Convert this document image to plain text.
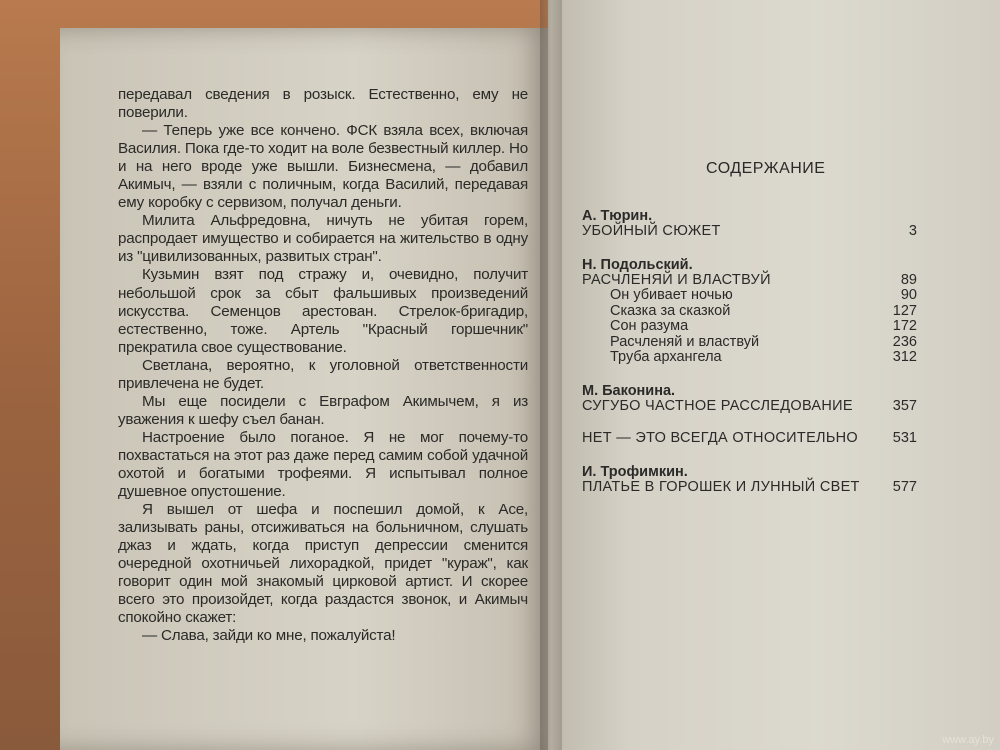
передавал сведения в розыск. Естественно, ему не поверили.

— Теперь уже все кончено. ФСК взяла всех, включая Василия. Пока где-то ходит на воле безвестный киллер. Но и на него вроде уже вышли. Бизнесмена, — добавил Акимыч, — взяли с поличным, когда Василий, передавая ему коробку с сервизом, получал деньги.

Милита Альфредовна, ничуть не убитая горем, распродает имущество и собирается на жительство в одну из "цивилизованных, развитых стран".

Кузьмин взят под стражу и, очевидно, получит небольшой срок за сбыт фальшивых произведений искусства. Семенцов арестован. Стрелок-бригадир, естественно, тоже. Артель "Красный горшечник" прекратила свое существование.

Светлана, вероятно, к уголовной ответственности привлечена не будет.

Мы еще посидели с Евграфом Акимычем, я из уважения к шефу съел банан.

Настроение было поганое. Я не мог почему-то похвастаться на этот раз даже перед самим собой удачной охотой и богатыми трофеями. Я испытывал полное душевное опустошение.

Я вышел от шефа и поспешил домой, к Асе, зализывать раны, отсиживаться на больничном, слушать джаз и ждать, когда приступ депрессии сменится очередной охотничьей лихорадкой, придет "кураж", как говорит один мой знакомый цирковой артист. И скорее всего это произойдет, когда раздастся звонок, и Акимыч спокойно скажет:

— Слава, зайди ко мне, пожалуйста!

СОДЕРЖАНИЕ
А. Тюрин.
УБОЙНЫЙ СЮЖЕТ	3
Н. Подольский.
РАСЧЛЕНЯЙ И ВЛАСТВУЙ	89
Он убивает ночью	90
Сказка за сказкой	127
Сон разума	172
Расчленяй и властвуй	236
Труба архангела	312
М. Баконина.
СУГУБО ЧАСТНОЕ РАССЛЕДОВАНИЕ	357
НЕТ — ЭТО ВСЕГДА ОТНОСИТЕЛЬНО 531
И. Трофимкин.
ПЛАТЬЕ В ГОРОШЕК И ЛУННЫЙ СВЕТ 577
www.ay.by
